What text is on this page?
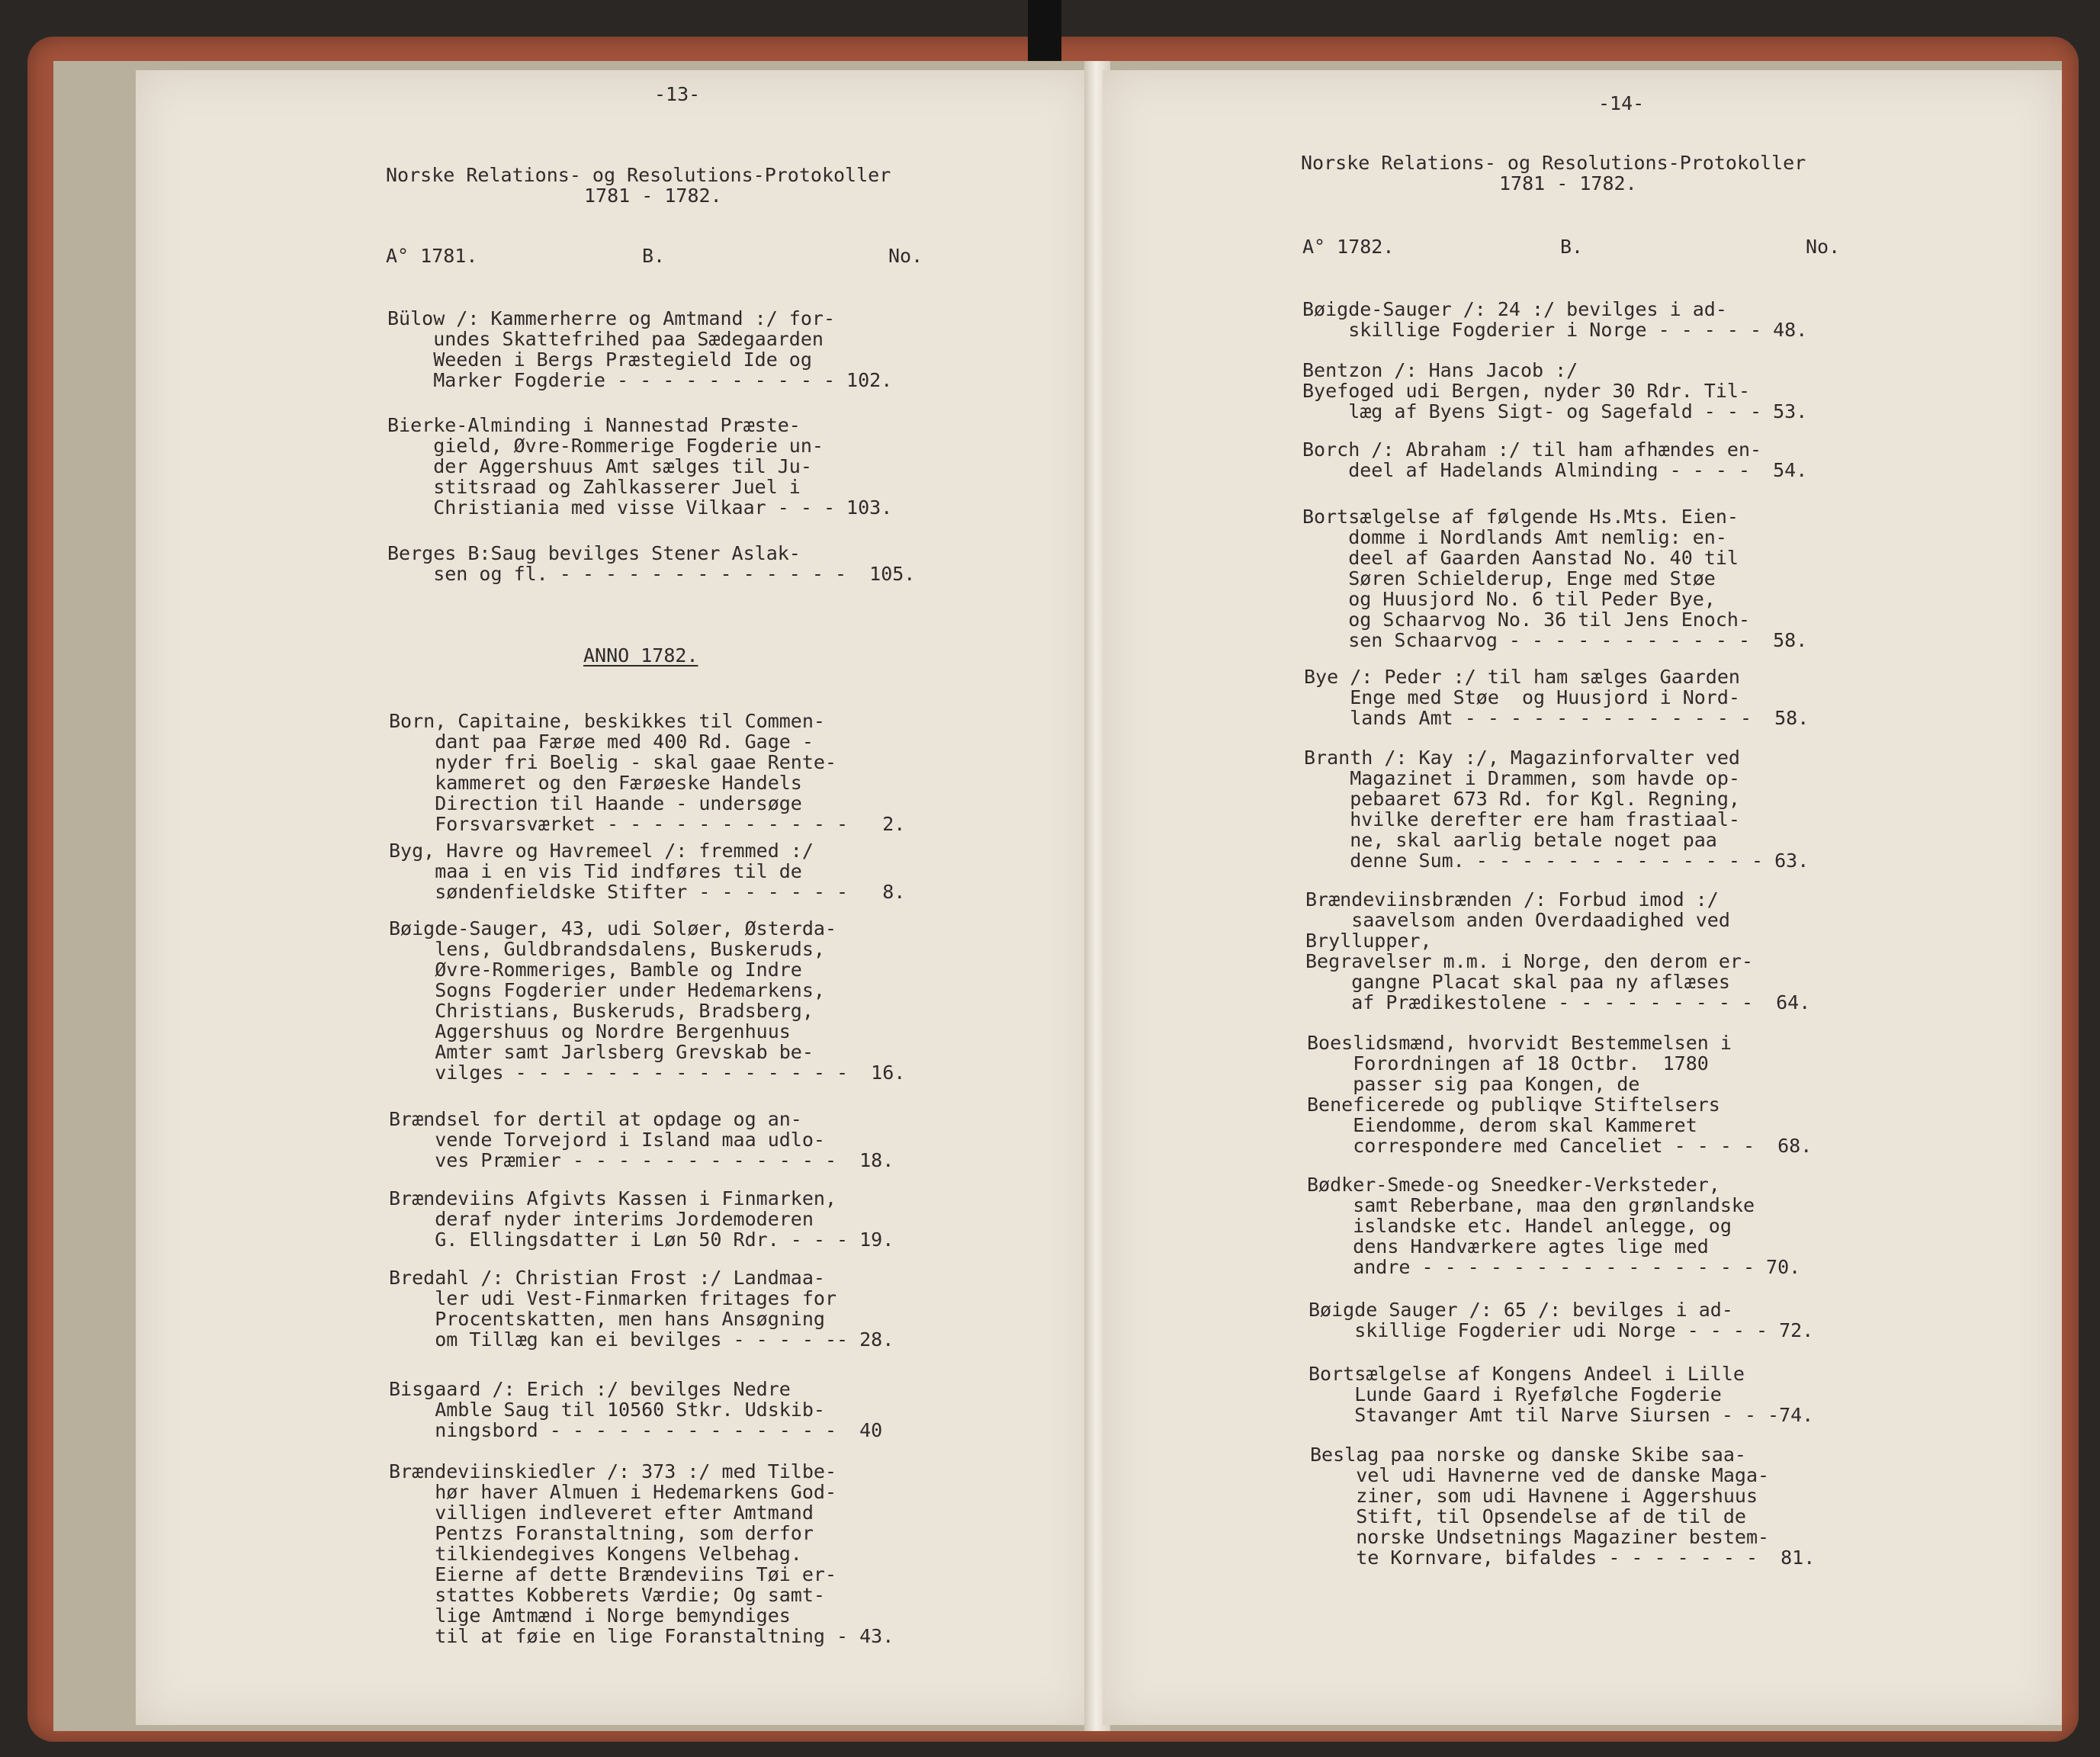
-13-
Norske Relations- og Resolutions-Protokoller
1781 - 1782.
A° 1781.	B.	No.
Bülow /: Kammerherre og Amtmand :/ for-
undes Skattefrihed paa Sædegaarden
Weeden i Bergs Præstegield Ide og
Marker Fogderie - - - - - - - - - - 102.
Bierke-Alminding i Nannestad Præste-
gield, Øvre-Rommerige Fogderie un-
der Aggershuus Amt sælges til Ju-
stitsraad og Zahlkasserer Juel i
Christiania med visse Vilkaar - - - 103.
Berges B:Saug bevilges Stener Aslak-
sen og fl. - - - - - - - - - - - - -  105.
ANNO 1782.
Born, Capitaine, beskikkes til Commen-
dant paa Færøe med 400 Rd. Gage -
nyder fri Boelig - skal gaae Rente-
kammeret og den Færøeske Handels
Direction til Haande - undersøge
Forsvarsværket - - - - - - - - - - -   2.
Byg, Havre og Havremeel /: fremmed :/
maa i en vis Tid indføres til de
søndenfieldske Stifter - - - - - - -   8.
Bøigde-Sauger, 43, udi Soløer, Østerda-
lens, Guldbrandsdalens, Buskeruds,
Øvre-Rommeriges, Bamble og Indre
Sogns Fogderier under Hedemarkens,
Christians, Buskeruds, Bradsberg,
Aggershuus og Nordre Bergenhuus
Amter samt Jarlsberg Grevskab be-
vilges - - - - - - - - - - - - - - -  16.
Brændsel for dertil at opdage og an-
vende Torvejord i Island maa udlo-
ves Præmier - - - - - - - - - - - -  18.
Brændeviins Afgivts Kassen i Finmarken,
deraf nyder interims Jordemoderen
G. Ellingsdatter i Løn 50 Rdr. - - - 19.
Bredahl /: Christian Frost :/ Landmaa-
ler udi Vest-Finmarken fritages for
Procentskatten, men hans Ansøgning
om Tillæg kan ei bevilges - - - - -- 28.
Bisgaard /: Erich :/ bevilges Nedre
Amble Saug til 10560 Stkr. Udskib-
ningsbord - - - - - - - - - - - - -  40
Brændeviinskiedler /: 373 :/ med Tilbe-
hør haver Almuen i Hedemarkens God-
villigen indleveret efter Amtmand
Pentzs Foranstaltning, som derfor
tilkiendegives Kongens Velbehag.
Eierne af dette Brændeviins Tøi er-
stattes Kobberets Værdie; Og samt-
lige Amtmænd i Norge bemyndiges
til at føie en lige Foranstaltning - 43.
-14-
Norske Relations- og Resolutions-Protokoller
1781 - 1782.
A° 1782.	B.	No.
Bøigde-Sauger /: 24 :/ bevilges i ad-
skillige Fogderier i Norge - - - - - 48.
Bentzon /: Hans Jacob :/
Byefoged udi Bergen, nyder 30 Rdr. Til-
læg af Byens Sigt- og Sagefald - - - 53.
Borch /: Abraham :/ til ham afhændes en-
deel af Hadelands Alminding - - - -  54.
Bortsælgelse af følgende Hs.Mts. Eien-
domme i Nordlands Amt nemlig: en-
deel af Gaarden Aanstad No. 40 til
Søren Schielderup, Enge med Støe
og Huusjord No. 6 til Peder Bye,
og Schaarvog No. 36 til Jens Enoch-
sen Schaarvog - - - - - - - - - - -  58.
Bye /: Peder :/ til ham sælges Gaarden
Enge med Støe  og Huusjord i Nord-
lands Amt - - - - - - - - - - - - -  58.
Branth /: Kay :/, Magazinforvalter ved
Magazinet i Drammen, som havde op-
pebaaret 673 Rd. for Kgl. Regning,
hvilke derefter ere ham frastiaal-
ne, skal aarlig betale noget paa
denne Sum. - - - - - - - - - - - - - 63.
Brændeviinsbrænden /: Forbud imod :/
saavelsom anden Overdaadighed ved
Bryllupper,
Begravelser m.m. i Norge, den derom er-
gangne Placat skal paa ny aflæses
af Prædikestolene - - - - - - - - -  64.
Boeslidsmænd, hvorvidt Bestemmelsen i
Forordningen af 18 Octbr.  1780
passer sig paa Kongen, de
Beneficerede og publiqve Stiftelsers
Eiendomme, derom skal Kammeret
correspondere med Canceliet - - - -  68.
Bødker-Smede-og Sneedker-Verksteder,
samt Reberbane, maa den grønlandske
islandske etc. Handel anlegge, og
dens Handværkere agtes lige med
andre - - - - - - - - - - - - - - - 70.
Bøigde Sauger /: 65 /: bevilges i ad-
skillige Fogderier udi Norge - - - - 72.
Bortsælgelse af Kongens Andeel i Lille
Lunde Gaard i Ryefølche Fogderie
Stavanger Amt til Narve Siursen - - -74.
Beslag paa norske og danske Skibe saa-
vel udi Havnerne ved de danske Maga-
ziner, som udi Havnene i Aggershuus
Stift, til Opsendelse af de til de
norske Undsetnings Magaziner bestem-
te Kornvare, bifaldes - - - - - - -  81.
